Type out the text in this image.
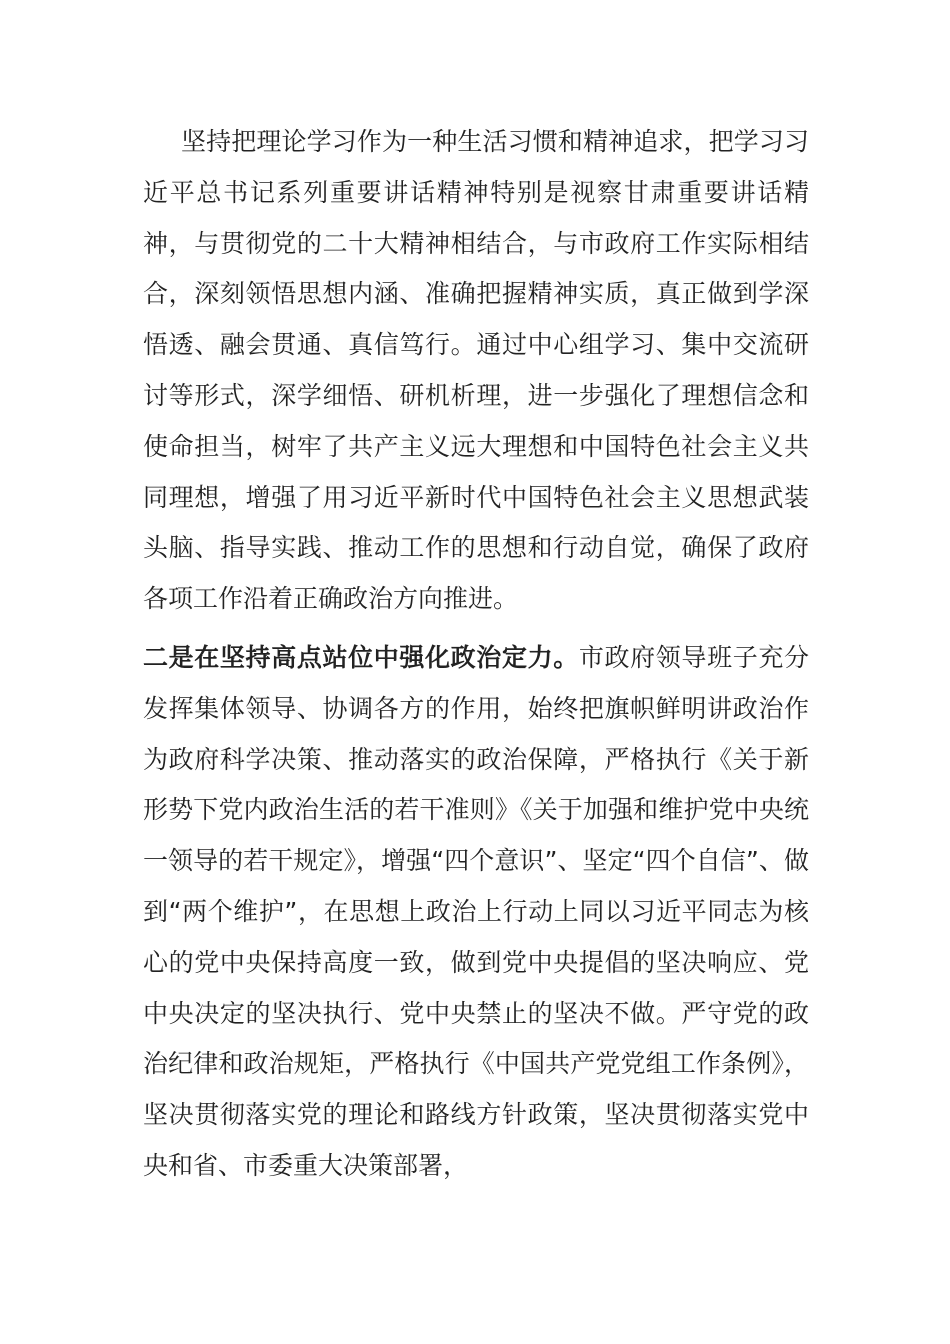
坚持把理论学习作为一种生活习惯和精神追求，把学习习近平总书记系列重要讲话精神特别是视察甘肃重要讲话精神，与贯彻党的二十大精神相结合，与市政府工作实际相结合，深刻领悟思想内涵、准确把握精神实质，真正做到学深悟透、融会贯通、真信笃行。通过中心组学习、集中交流研讨等形式，深学细悟、研机析理，进一步强化了理想信念和使命担当，树牢了共产主义远大理想和中国特色社会主义共同理想，增强了用习近平新时代中国特色社会主义思想武装头脑、指导实践、推动工作的思想和行动自觉，确保了政府各项工作沿着正确政治方向推进。

二是在坚持高点站位中强化政治定力。市政府领导班子充分发挥集体领导、协调各方的作用，始终把旗帜鲜明讲政治作为政府科学决策、推动落实的政治保障，严格执行《关于新形势下党内政治生活的若干准则》《关于加强和维护党中央统一领导的若干规定》，增强“四个意识”、坚定“四个自信”、做到“两个维护”，在思想上政治上行动上同以习近平同志为核心的党中央保持高度一致，做到党中央提倡的坚决响应、党中央决定的坚决执行、党中央禁止的坚决不做。严守党的政治纪律和政治规矩，严格执行《中国共产党党组工作条例》，坚决贯彻落实党的理论和路线方针政策，坚决贯彻落实党中央和省、市委重大决策部署，
